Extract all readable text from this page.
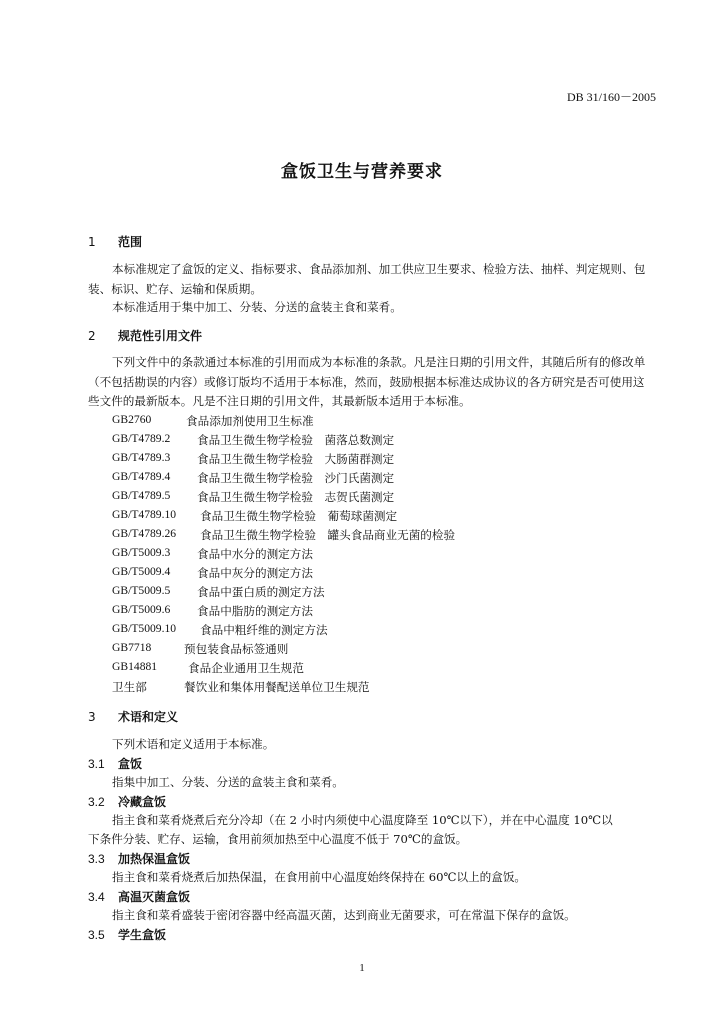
DB 31/160－2005
盒饭卫生与营养要求
1 范围
本标准规定了盒饭的定义、指标要求、食品添加剂、加工供应卫生要求、检验方法、抽样、判定规则、包装、标识、贮存、运输和保质期。
本标准适用于集中加工、分装、分送的盒装主食和菜肴。
2 规范性引用文件
下列文件中的条款通过本标准的引用而成为本标准的条款。凡是注日期的引用文件，其随后所有的修改单（不包括勘误的内容）或修订版均不适用于本标准，然而，鼓励根据本标准达成协议的各方研究是否可使用这些文件的最新版本。凡是不注日期的引用文件，其最新版本适用于本标准。
GB2760	食品添加剂使用卫生标准
GB/T4789.2 食品卫生微生物学检验　菌落总数测定
GB/T4789.3 食品卫生微生物学检验　大肠菌群测定
GB/T4789.4 食品卫生微生物学检验　沙门氏菌测定
GB/T4789.5 食品卫生微生物学检验　志贺氏菌测定
GB/T4789.10 食品卫生微生物学检验　葡萄球菌测定
GB/T4789.26 食品卫生微生物学检验　罐头食品商业无菌的检验
GB/T5009.3 食品中水分的测定方法
GB/T5009.4 食品中灰分的测定方法
GB/T5009.5 食品中蛋白质的测定方法
GB/T5009.6 食品中脂肪的测定方法
GB/T5009.10 食品中粗纤维的测定方法
GB7718	预包装食品标签通则
GB14881	食品企业通用卫生规范
卫生部	餐饮业和集体用餐配送单位卫生规范
3 术语和定义
下列术语和定义适用于本标准。
3.1 盒饭
指集中加工、分装、分送的盒装主食和菜肴。
3.2 冷藏盒饭
指主食和菜肴烧煮后充分冷却（在 2 小时内须使中心温度降至 10℃以下），并在中心温度 10℃以
下条件分装、贮存、运输，食用前须加热至中心温度不低于 70℃的盒饭。
3.3 加热保温盒饭
指主食和菜肴烧煮后加热保温，在食用前中心温度始终保持在 60℃以上的盒饭。
3.4 高温灭菌盒饭
指主食和菜肴盛装于密闭容器中经高温灭菌，达到商业无菌要求，可在常温下保存的盒饭。
3.5 学生盒饭
1
